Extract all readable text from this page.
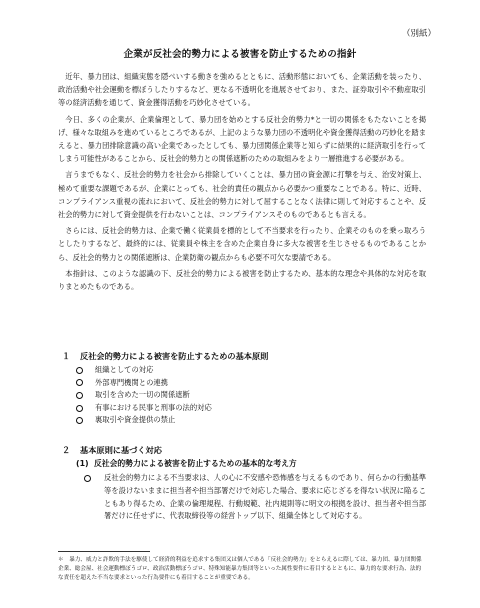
（別紙）
企業が反社会的勢力による被害を防止するための指針

近年、暴力団は、組織実態を隠ぺいする動きを強めるとともに、活動形態においても、企業活動を装ったり、政治活動や社会運動を標ぼうしたりするなど、更なる不透明化を進展させており、また、証券取引や不動産取引等の経済活動を通じて、資金獲得活動を巧妙化させている。

今日、多くの企業が、企業倫理として、暴力団を始めとする反社会的勢力*と一切の関係をもたないことを掲げ、様々な取組みを進めているところであるが、上記のような暴力団の不透明化や資金獲得活動の巧妙化を踏まえると、暴力団排除意識の高い企業であったとしても、暴力団関係企業等と知らずに結果的に経済取引を行ってしまう可能性があることから、反社会的勢力との関係遮断のための取組みをより一層推進する必要がある。

言うまでもなく、反社会的勢力を社会から排除していくことは、暴力団の資金源に打撃を与え、治安対策上、極めて重要な課題であるが、企業にとっても、社会的責任の観点から必要かつ重要なことである。特に、近時、コンプライアンス重視の流れにおいて、反社会的勢力に対して屈することなく法律に則して対応することや、反社会的勢力に対して資金提供を行わないことは、コンプライアンスそのものであるとも言える。

さらには、反社会的勢力は、企業で働く従業員を標的として不当要求を行ったり、企業そのものを乗っ取ろうとしたりするなど、最終的には、従業員や株主を含めた企業自身に多大な被害を生じさせるものであることから、反社会的勢力との関係遮断は、企業防衛の観点からも必要不可欠な要請である。

本指針は、このような認識の下、反社会的勢力による被害を防止するため、基本的な理念や具体的な対応を取りまとめたものである。

１ 反社会的勢力による被害を防止するための基本原則
組織としての対応
外部専門機関との連携
取引を含めた一切の関係遮断
有事における民事と刑事の法的対応
裏取引や資金提供の禁止
２ 基本原則に基づく対応
(1) 反社会的勢力による被害を防止するための基本的な考え方
反社会的勢力による不当要求は、人の心に不安感や恐怖感を与えるものであり、何らかの行動基準等を設けないままに担当者や担当部署だけで対応した場合、要求に応じざるを得ない状況に陥ることもあり得るため、企業の倫理規程、行動規範、社内規則等に明文の根拠を設け、担当者や担当部署だけに任せずに、代表取締役等の経営トップ以下、組織全体として対応する。
＊　暴力、威力と詐欺的手法を駆使して経済的利益を追求する集団又は個人である「反社会的勢力」をとらえるに際しては、暴力団、暴力団関係企業、総会屋、社会運動標ぼうゴロ、政治活動標ぼうゴロ、特殊知能暴力集団等といった属性要件に着目するとともに、暴力的な要求行為、法的な責任を超えた不当な要求といった行為要件にも着目することが重要である。
